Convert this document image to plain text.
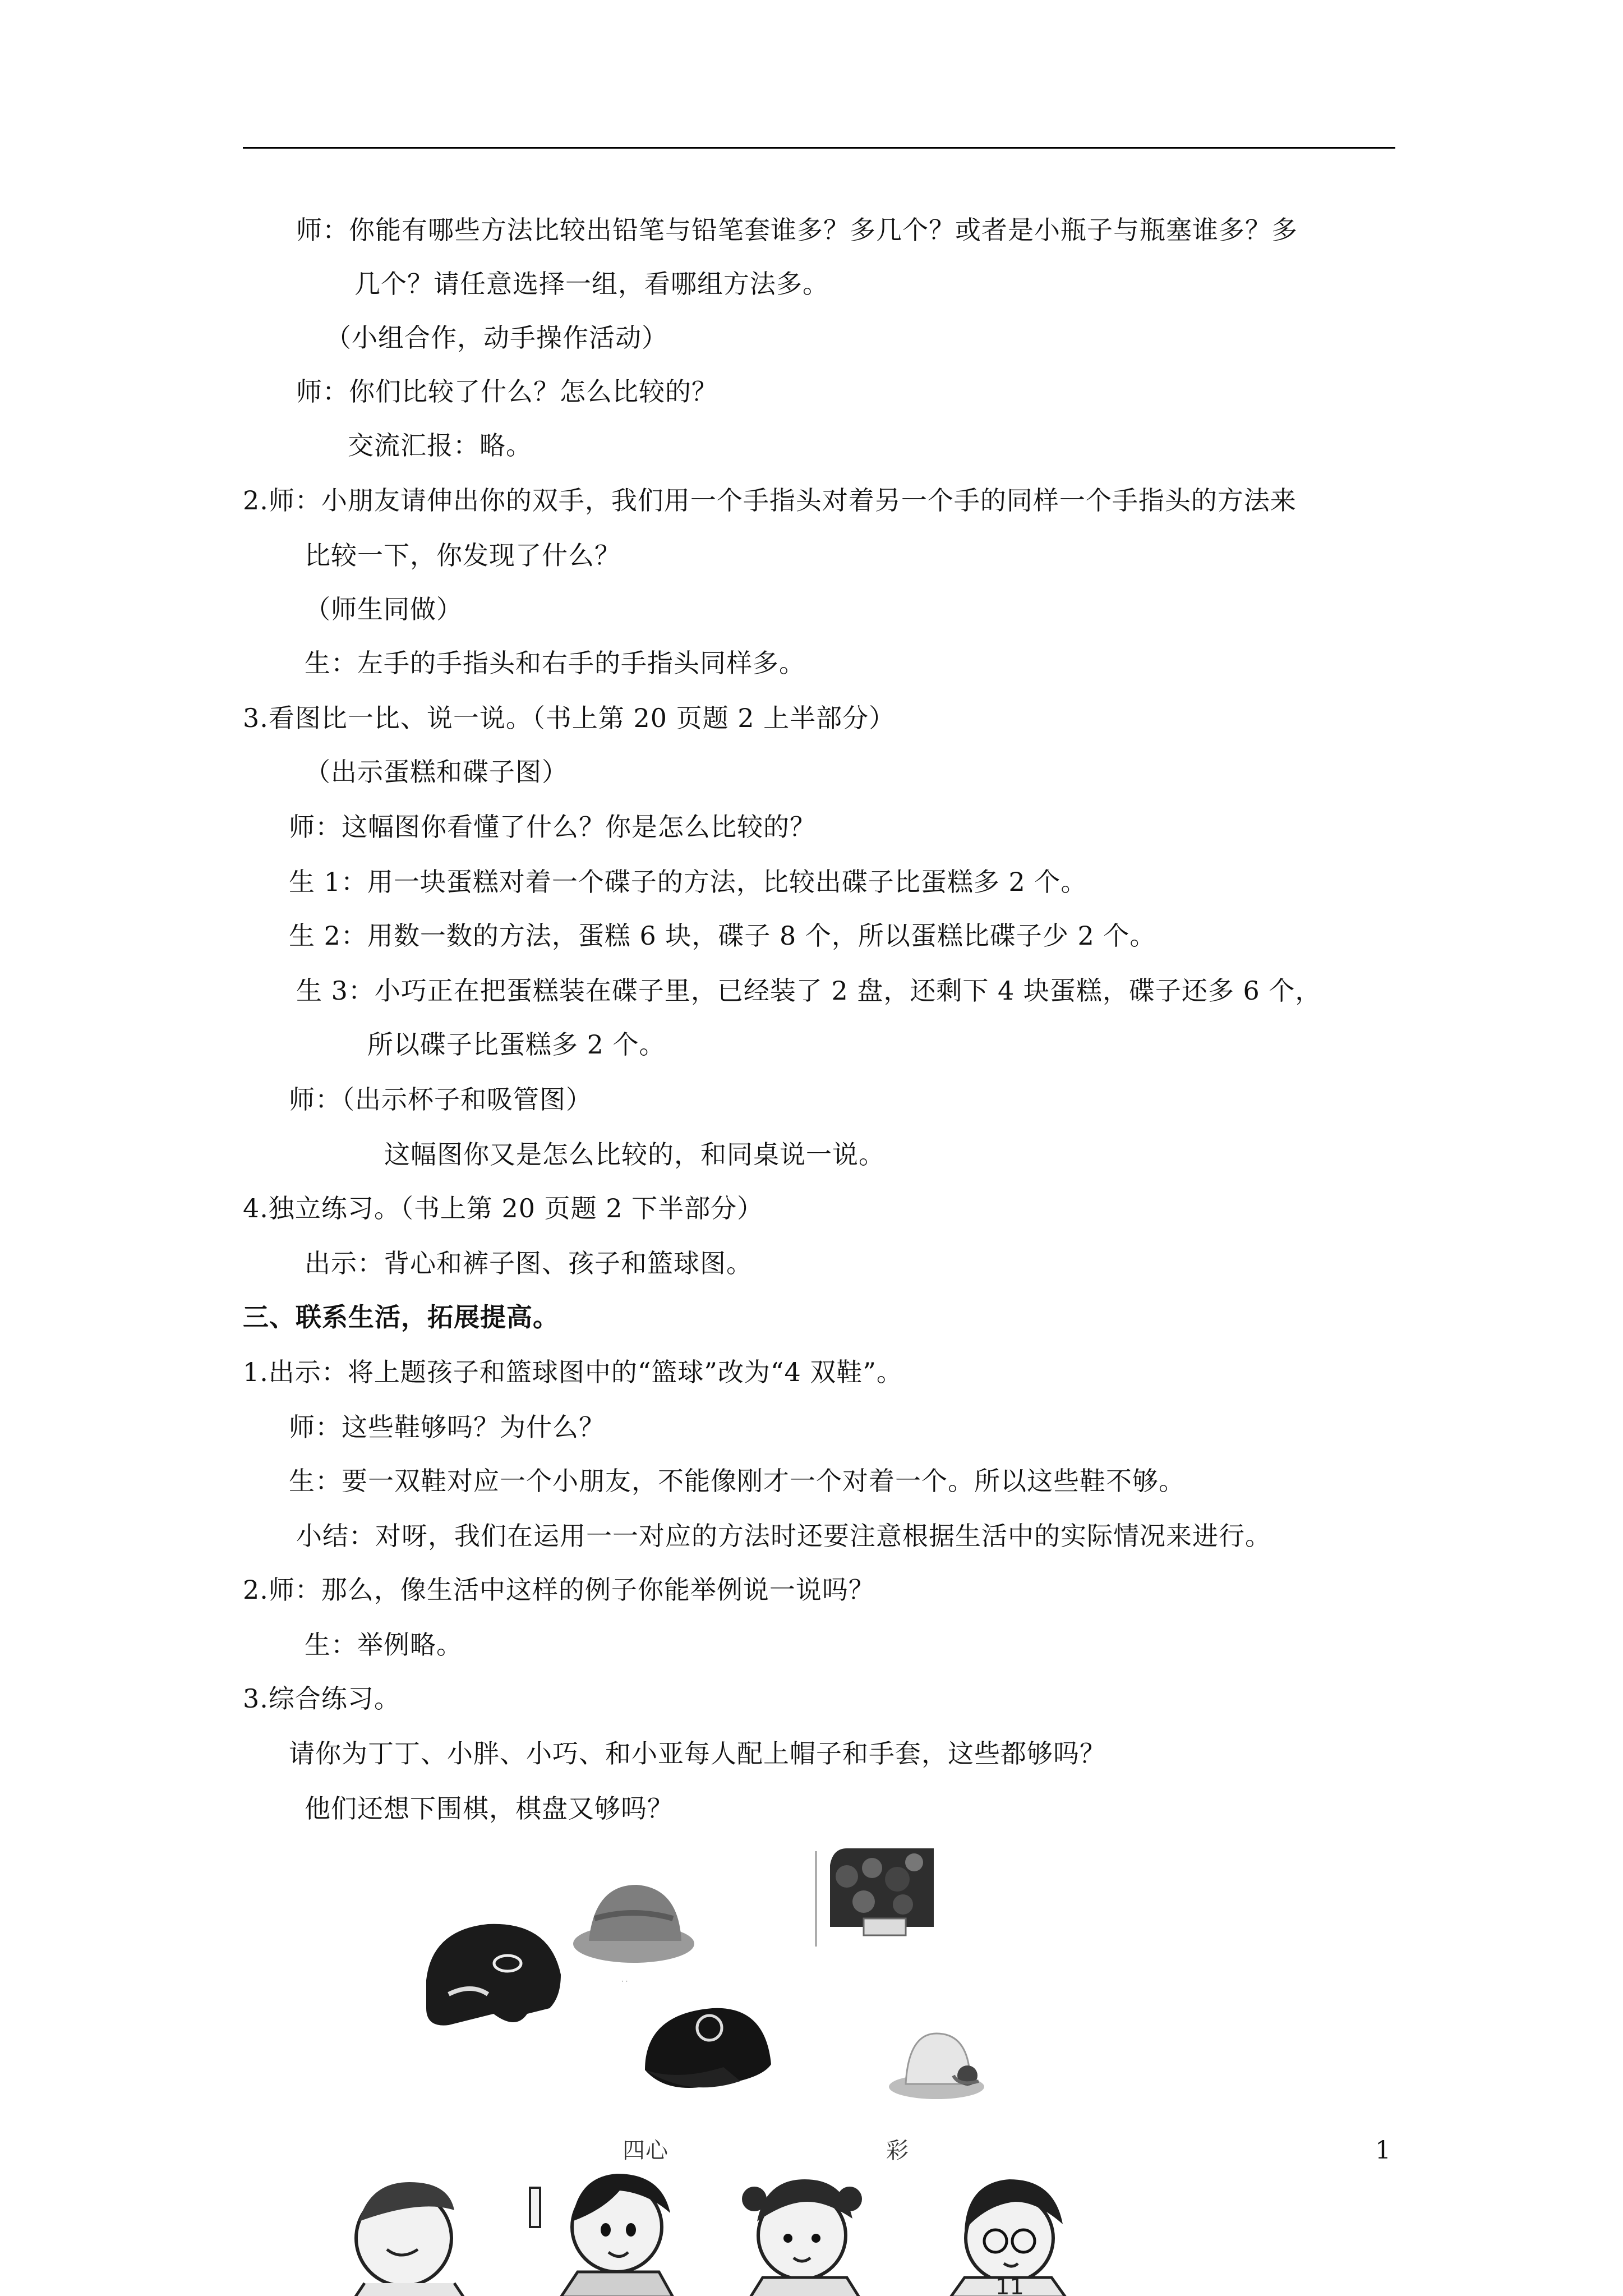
师：你能有哪些方法比较出铅笔与铅笔套谁多？多几个？或者是小瓶子与瓶塞谁多？多
几个？请任意选择一组，看哪组方法多。
（小组合作，动手操作活动）
师：你们比较了什么？怎么比较的？
交流汇报：略。
2.师：小朋友请伸出你的双手，我们用一个手指头对着另一个手的同样一个手指头的方法来
比较一下，你发现了什么？
（师生同做）
生：左手的手指头和右手的手指头同样多。
3.看图比一比、说一说。（书上第 20 页题 2 上半部分）
（出示蛋糕和碟子图）
师：这幅图你看懂了什么？你是怎么比较的？
生 1：用一块蛋糕对着一个碟子的方法，比较出碟子比蛋糕多 2 个。
生 2：用数一数的方法，蛋糕 6 块，碟子 8 个，所以蛋糕比碟子少 2 个。
生 3：小巧正在把蛋糕装在碟子里，已经装了 2 盘，还剩下 4 块蛋糕，碟子还多 6 个，
所以碟子比蛋糕多 2 个。
师：（出示杯子和吸管图）
这幅图你又是怎么比较的，和同桌说一说。
4.独立练习。（书上第 20 页题 2 下半部分）
出示：背心和裤子图、孩子和篮球图。
三、联系生活，拓展提高。
1.出示：将上题孩子和篮球图中的“篮球”改为“4 双鞋”。
师：这些鞋够吗？为什么？
生：要一双鞋对应一个小朋友，不能像刚才一个对着一个。所以这些鞋不够。
小结：对呀，我们在运用一一对应的方法时还要注意根据生活中的实际情况来进行。
2.师：那么，像生活中这样的例子你能举例说一说吗？
生：举例略。
3.综合练习。
请你为丁丁、小胖、小巧、和小亚每人配上帽子和手套，这些都够吗？
他们还想下围棋，棋盘又够吗？
· ·
11
四心	彩	1
